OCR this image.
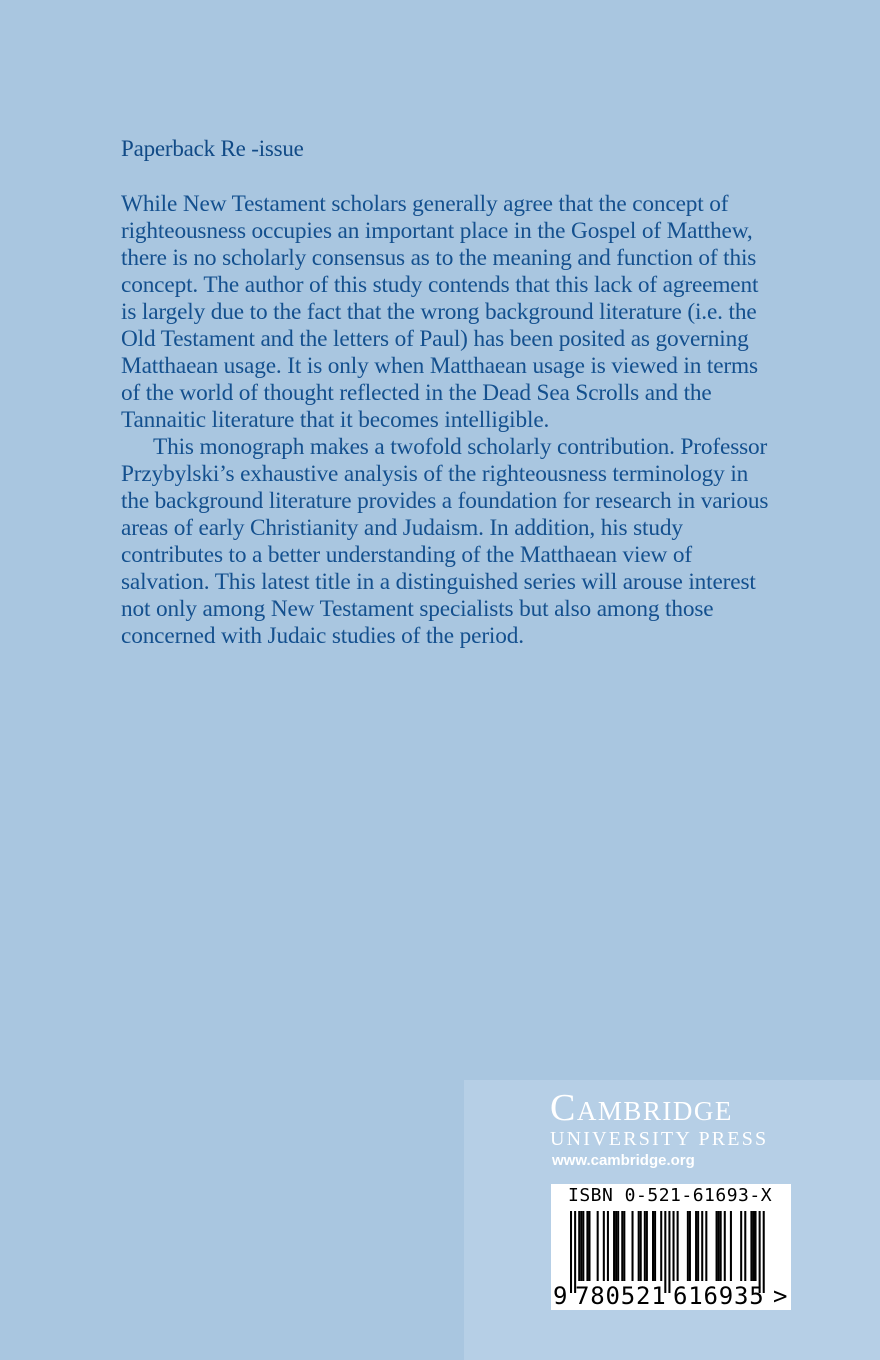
Paperback Re -issue

While New Testament scholars generally agree that the concept of righteousness occupies an important place in the Gospel of Matthew, there is no scholarly consensus as to the meaning and function of this concept. The author of this study contends that this lack of agreement is largely due to the fact that the wrong background literature (i.e. the Old Testament and the letters of Paul) has been posited as governing Matthaean usage. It is only when Matthaean usage is viewed in terms of the world of thought reflected in the Dead Sea Scrolls and the Tannaitic literature that it becomes intelligible.

This monograph makes a twofold scholarly contribution. Professor Przybylski’s exhaustive analysis of the righteousness terminology in the background literature provides a foundation for research in various areas of early Christianity and Judaism. In addition, his study contributes to a better understanding of the Matthaean view of salvation. This latest title in a distinguished series will arouse interest not only among New Testament specialists but also among those concerned with Judaic studies of the period.

Cambridge
UNIVERSITY PRESS
www.cambridge.org
ISBN 0-521-61693-X
9 780521 616935 >
